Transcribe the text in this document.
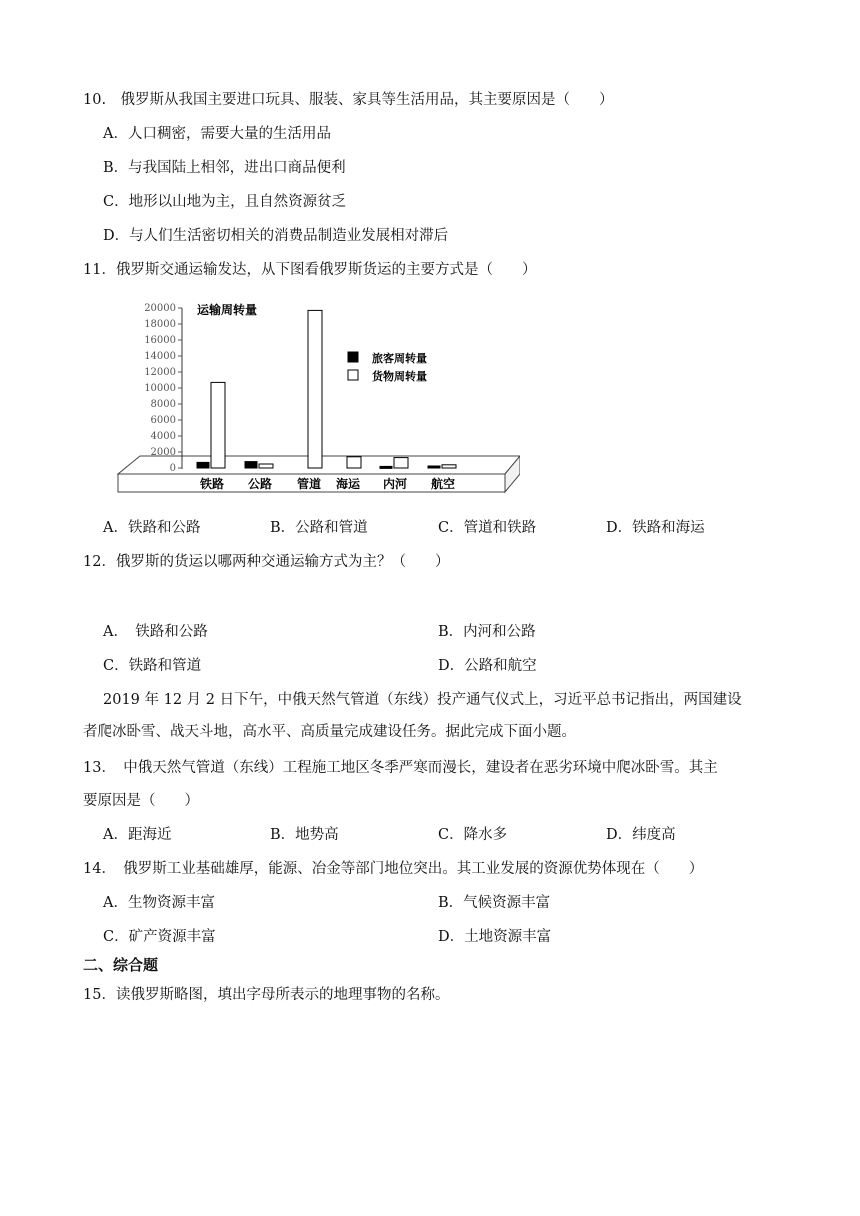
10.　俄罗斯从我国主要进口玩具、服装、家具等生活用品，其主要原因是（　　）
A．人口稠密，需要大量的生活用品
B．与我国陆上相邻，进出口商品便利
C．地形以山地为主，且自然资源贫乏
D．与人们生活密切相关的消费品制造业发展相对滞后
11．俄罗斯交通运输发达，从下图看俄罗斯货运的主要方式是（　　）
20000
18000
16000
14000
12000
10000
8000
6000
4000
2000
0
铁路 公路 管道 海运 内河 航空
运输周转量
旅客周转量
货物周转量
A．铁路和公路	B．公路和管道	C．管道和铁路	D．铁路和海运
12．俄罗斯的货运以哪两种交通运输方式为主？（　　）
A．　铁路和公路	B．内河和公路
C．铁路和管道	D．公路和航空
2019 年 12 月 2 日下午，中俄天然气管道（东线）投产通气仪式上，习近平总书记指出，两国建设
者爬冰卧雪、战天斗地，高水平、高质量完成建设任务。据此完成下面小题。
13．　中俄天然气管道（东线）工程施工地区冬季严寒而漫长，建设者在恶劣环境中爬冰卧雪。其主
要原因是（　　）
A．距海近	B．地势高	C．降水多	D．纬度高
14．　俄罗斯工业基础雄厚，能源、冶金等部门地位突出。其工业发展的资源优势体现在（　　）
A．生物资源丰富	B．气候资源丰富
C．矿产资源丰富	D．土地资源丰富
二、综合题
15．读俄罗斯略图，填出字母所表示的地理事物的名称。
